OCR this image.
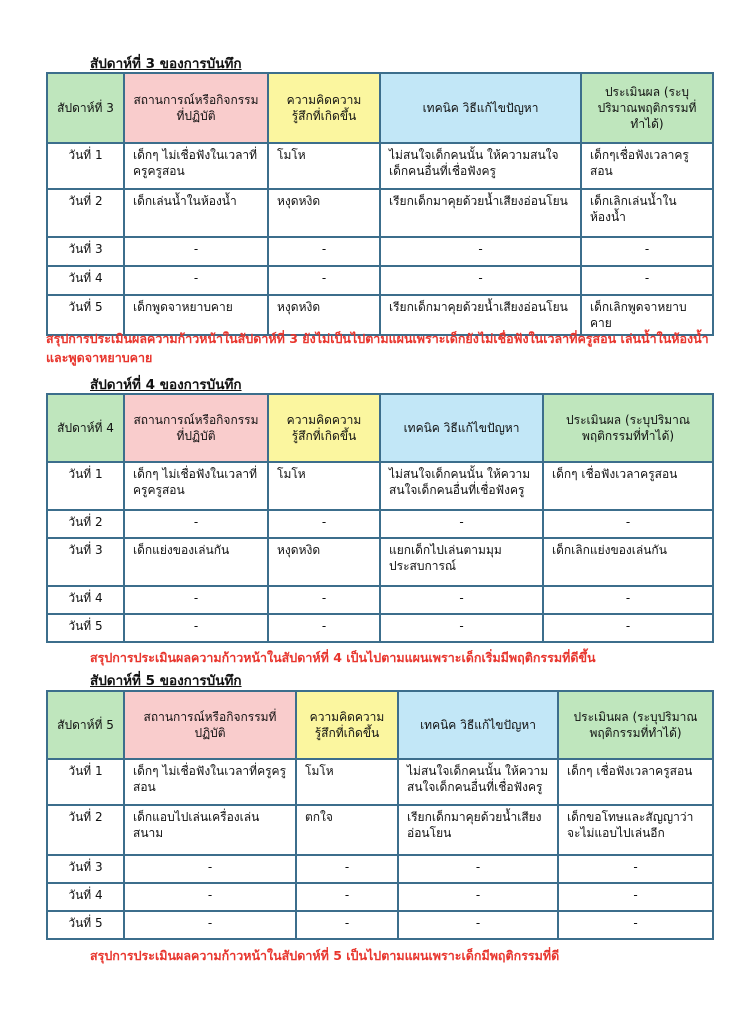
สัปดาห์ที่ 3 ของการบันทึก
สัปดาห์ที่ 3	สถานการณ์หรือกิจกรรมที่ปฏิบัติ	ความคิดความรู้สึกที่เกิดขึ้น	เทคนิค วิธีแก้ไขปัญหา	ประเมินผล (ระบุปริมาณพฤติกรรมที่ทำได้)
วันที่ 1	เด็กๆ ไม่เชื่อฟังในเวลาที่ครูครูสอน	โมโห	ไม่สนใจเด็กคนนั้น ให้ความสนใจเด็กคนอื่นที่เชื่อฟังครู	เด็กๆเชื่อฟังเวลาครูสอน
วันที่ 2	เด็กเล่นน้ำในห้องน้ำ	หงุดหงิด	เรียกเด็กมาคุยด้วยน้ำเสียงอ่อนโยน	เด็กเลิกเล่นน้ำในห้องน้ำ
วันที่ 3	-	-	-	-
วันที่ 4	-	-	-	-
วันที่ 5	เด็กพูดจาหยาบคาย	หงุดหงิด	เรียกเด็กมาคุยด้วยน้ำเสียงอ่อนโยน	เด็กเลิกพูดจาหยาบคาย
สรุปการประเมินผลความก้าวหน้าในสัปดาห์ที่ 3 ยังไม่เป็นไปตามแผนเพราะเด็กยังไม่เชื่อฟังในเวลาที่ครูสอน เล่นน้ำในห้องน้ำ และพูดจาหยาบคาย
สัปดาห์ที่ 4 ของการบันทึก
สัปดาห์ที่ 4	สถานการณ์หรือกิจกรรมที่ปฏิบัติ	ความคิดความรู้สึกที่เกิดขึ้น	เทคนิค วิธีแก้ไขปัญหา	ประเมินผล (ระบุปริมาณพฤติกรรมที่ทำได้)
วันที่ 1	เด็กๆ ไม่เชื่อฟังในเวลาที่ครูครูสอน	โมโห	ไม่สนใจเด็กคนนั้น ให้ความสนใจเด็กคนอื่นที่เชื่อฟังครู	เด็กๆ เชื่อฟังเวลาครูสอน
วันที่ 2	-	-	-	-
วันที่ 3	เด็กแย่งของเล่นกัน	หงุดหงิด	แยกเด็กไปเล่นตามมุมประสบการณ์	เด็กเลิกแย่งของเล่นกัน
วันที่ 4	-	-	-	-
วันที่ 5	-	-	-	-
สรุปการประเมินผลความก้าวหน้าในสัปดาห์ที่ 4 เป็นไปตามแผนเพราะเด็กเริ่มมีพฤติกรรมที่ดีขึ้น
สัปดาห์ที่ 5 ของการบันทึก
สัปดาห์ที่ 5	สถานการณ์หรือกิจกรรมที่ปฏิบัติ	ความคิดความรู้สึกที่เกิดขึ้น	เทคนิค วิธีแก้ไขปัญหา	ประเมินผล (ระบุปริมาณพฤติกรรมที่ทำได้)
วันที่ 1	เด็กๆ ไม่เชื่อฟังในเวลาที่ครูครูสอน	โมโห	ไม่สนใจเด็กคนนั้น ให้ความสนใจเด็กคนอื่นที่เชื่อฟังครู	เด็กๆ เชื่อฟังเวลาครูสอน
วันที่ 2	เด็กแอบไปเล่นเครื่องเล่นสนาม	ตกใจ	เรียกเด็กมาคุยด้วยน้ำเสียงอ่อนโยน	เด็กขอโทษและสัญญาว่าจะไม่แอบไปเล่นอีก
วันที่ 3	-	-	-	-
วันที่ 4	-	-	-	-
วันที่ 5	-	-	-	-
สรุปการประเมินผลความก้าวหน้าในสัปดาห์ที่ 5 เป็นไปตามแผนเพราะเด็กมีพฤติกรรมที่ดี
